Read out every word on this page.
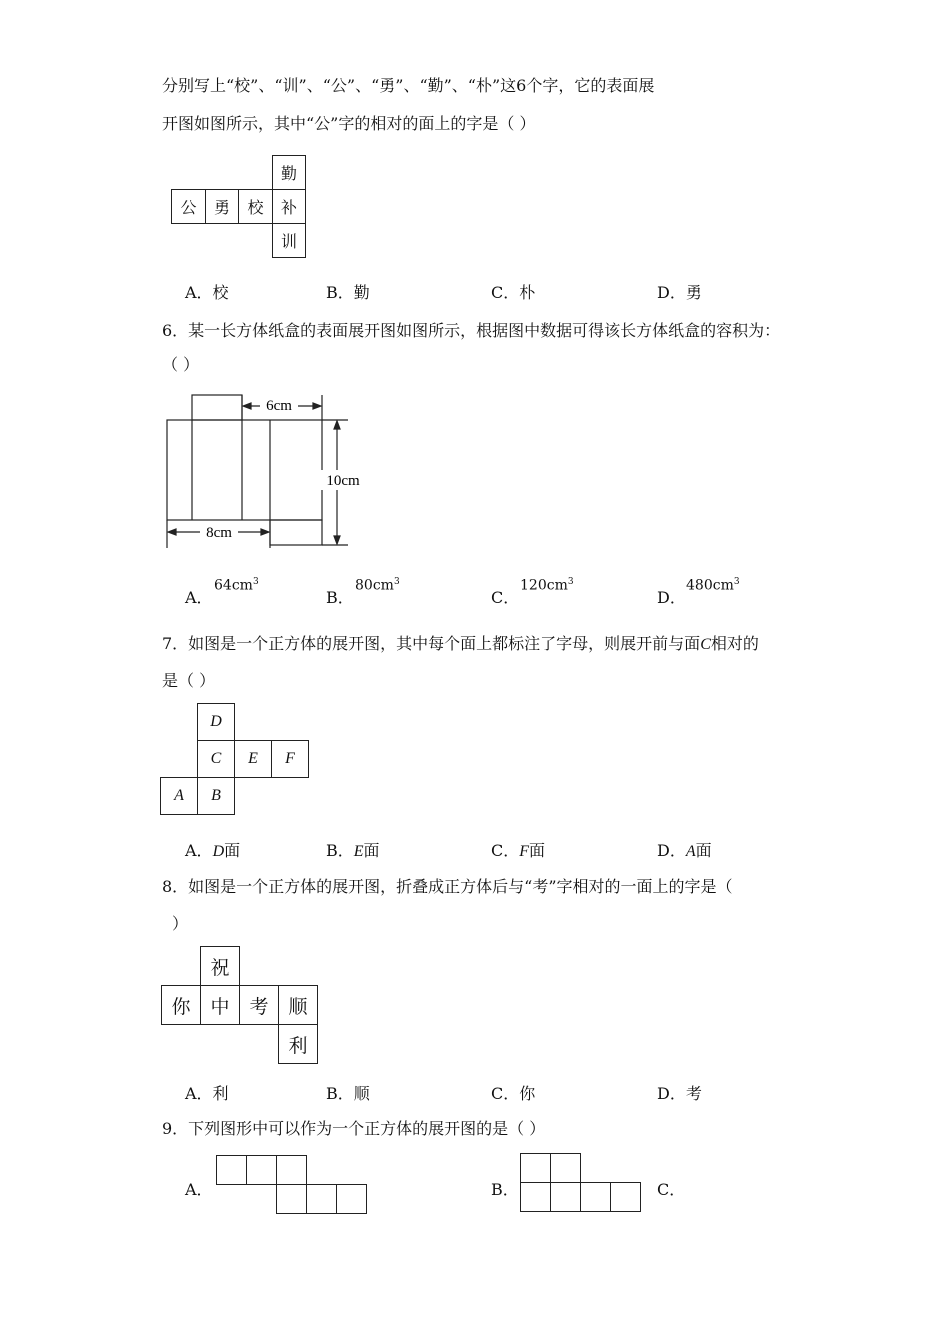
分别写上“校”、“训”、“公”、“勇”、“勤”、“朴”这6个字，它的表面展
开图如图所示，其中“公”字的相对的面上的字是（ ）
勤
公	勇	校	补
训
A．校	B．勤	C．朴	D．勇
6．某一长方体纸盒的表面展开图如图所示，根据图中数据可得该长方体纸盒的容积为：
（ ）
6cm
10cm
8cm
A．
$64cm^3$
B．
$80cm^3$
C．
$120cm^3$
D．
$480cm^3$
7．如图是一个正方体的展开图，其中每个面上都标注了字母，则展开前与面C相对的
是（ ）
D
C	E	F
A	B
A．D面	B．E面	C．F面	D．A面
8．如图是一个正方体的展开图，折叠成正方体后与“考”字相对的一面上的字是（
）
祝
你	中	考	顺
利
A．利	B．顺	C．你	D．考
9．下列图形中可以作为一个正方体的展开图的是（ ）
A．	B．	C．
